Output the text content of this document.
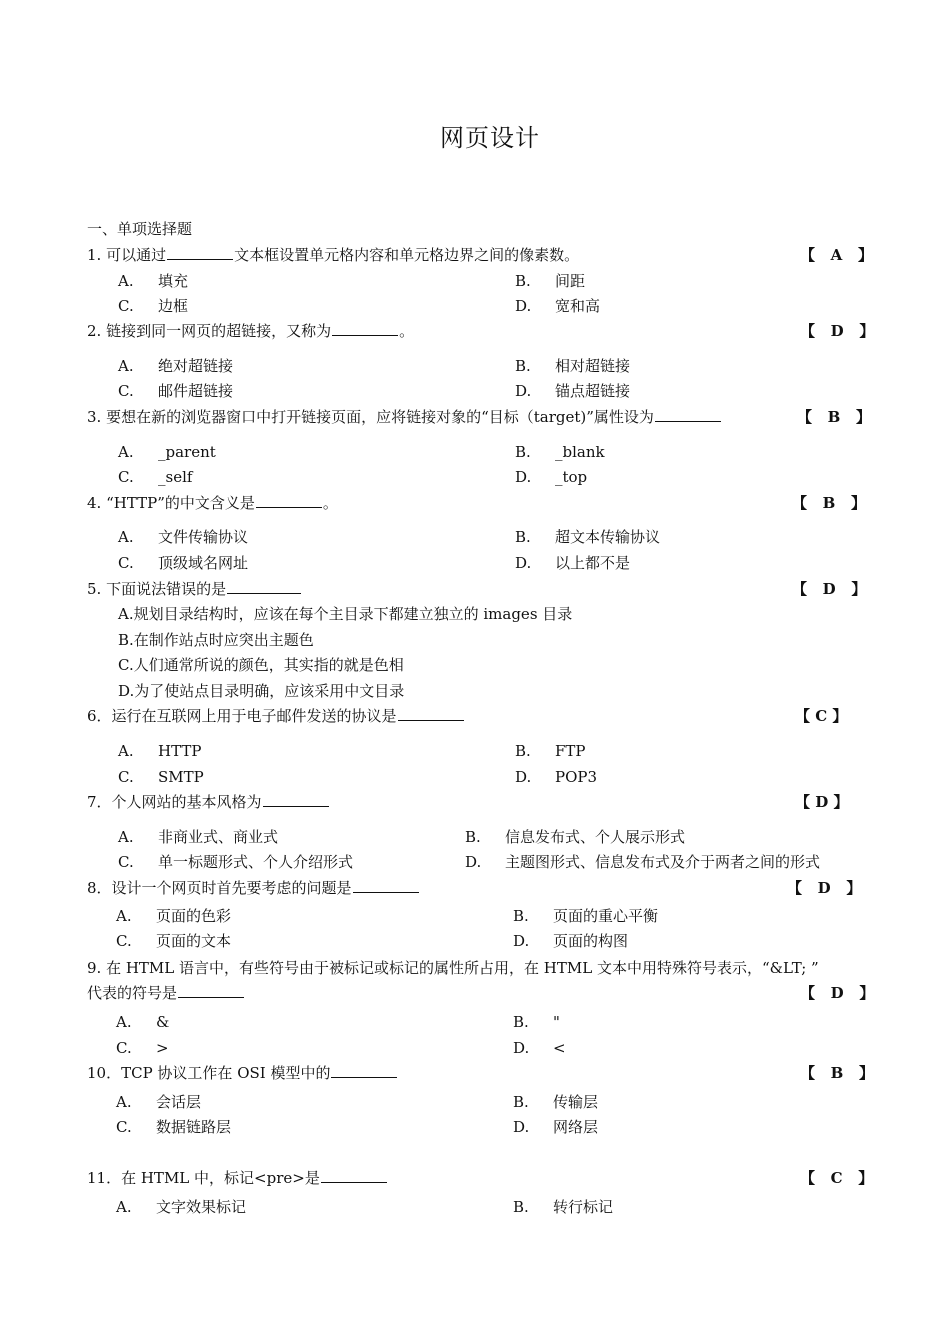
网页设计
一、单项选择题
1. 可以通过	文本框设置单元格内容和单元格边界之间的像素数。	【   A   】
A. 填充	B. 间距
C. 边框	D. 宽和高
2. 链接到同一网页的超链接，又称为	。	【   D   】
A. 绝对超链接	B. 相对超链接
C. 邮件超链接	D. 锚点超链接
3. 要想在新的浏览器窗口中打开链接页面，应将链接对象的“目标（target)”属性设为	【   B   】
A. _parent	B. _blank
C. _self	D. _top
4. “HTTP”的中文含义是	。	【   B   】
A. 文件传输协议	B. 超文本传输协议
C. 顶级域名网址	D. 以上都不是
5. 下面说法错误的是	【   D   】
A.规划目录结构时，应该在每个主目录下都建立独立的 images 目录
B.在制作站点时应突出主题色
C.人们通常所说的颜色，其实指的就是色相
D.为了使站点目录明确，应该采用中文目录
6．运行在互联网上用于电子邮件发送的协议是	【 C 】
A. HTTP	B. FTP
C. SMTP	D. POP3
7．个人网站的基本风格为	【 D 】
A. 非商业式、商业式	B. 信息发布式、个人展示形式
C. 单一标题形式、个人介绍形式	D. 主题图形式、信息发布式及介于两者之间的形式
8．设计一个网页时首先要考虑的问题是	【   D   】
A. 页面的色彩	B. 页面的重心平衡
C. 页面的文本	D. 页面的构图
9. 在 HTML 语言中，有些符号由于被标记或标记的属性所占用，在 HTML 文本中用特殊符号表示，“&LT; ”
代表的符号是	【   D   】
A. &	B. "
C. >	D. <
10．TCP 协议工作在 OSI 模型中的	【   B   】
A. 会话层	B. 传输层
C. 数据链路层	D. 网络层
11．在 HTML 中，标记<pre>是	【   C   】
A. 文字效果标记	B. 转行标记
